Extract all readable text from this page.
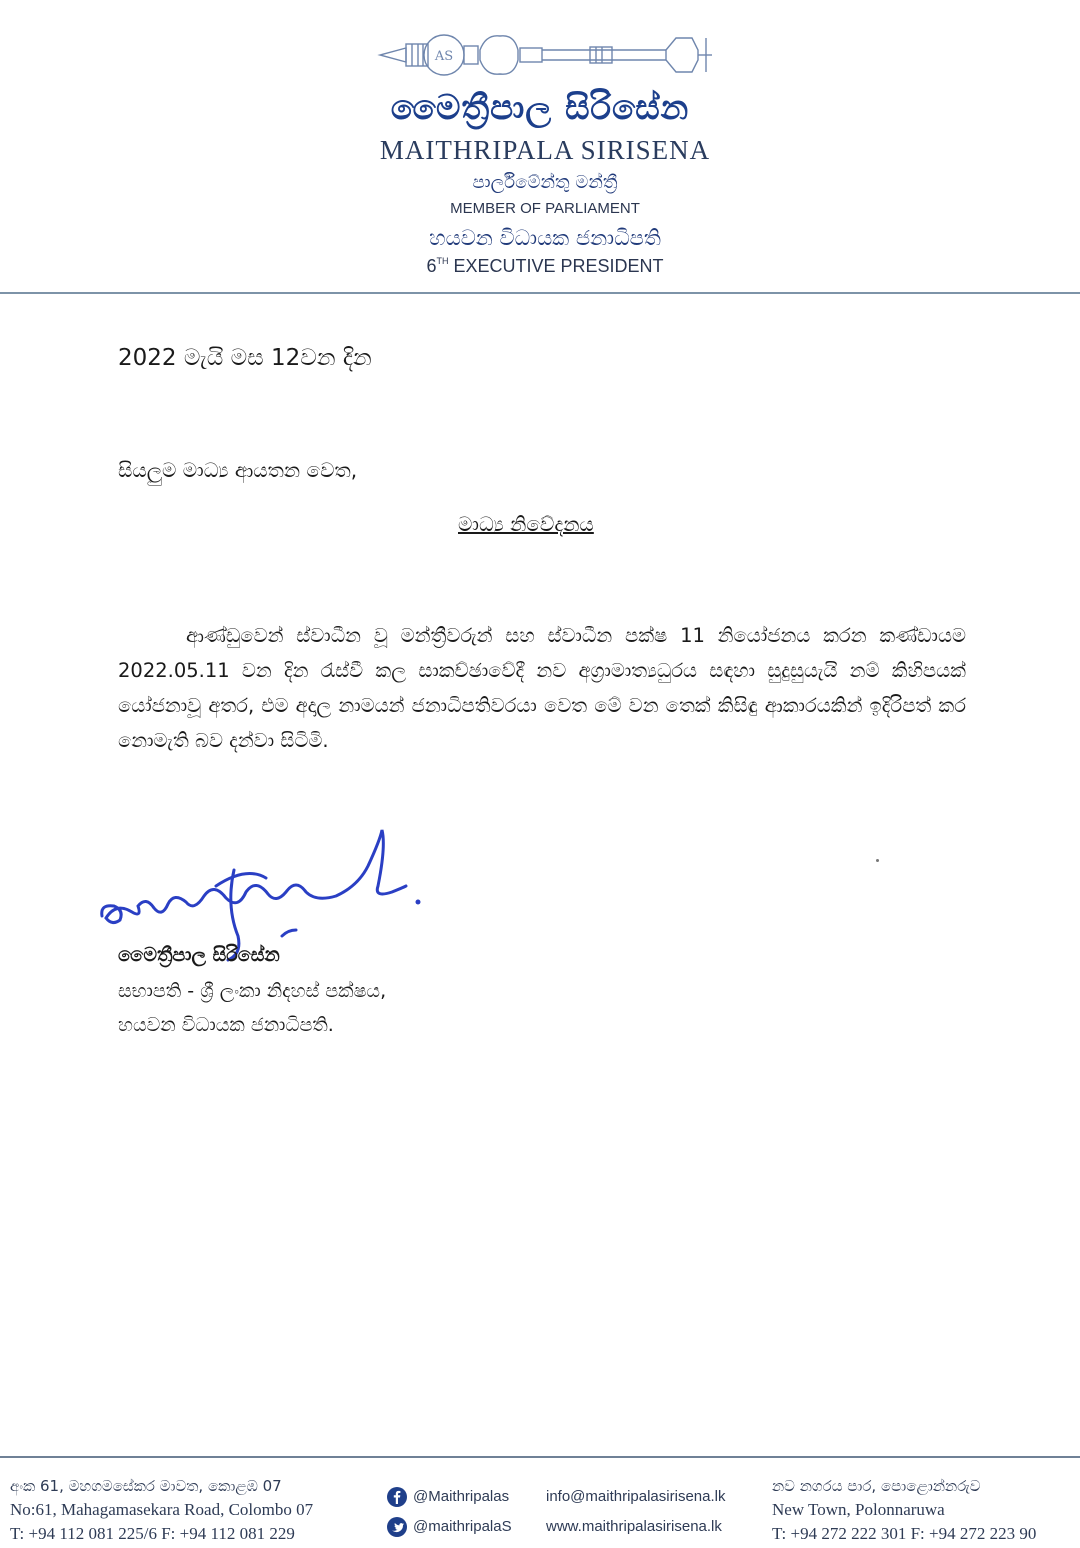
AS
මෛත්‍රීපාල සිරිසේන
MAITHRIPALA SIRISENA
පාර්ලිමේන්තු මන්ත්‍රී
MEMBER OF PARLIAMENT
හයවන විධායක ජනාධිපති
6TH EXECUTIVE PRESIDENT
2022 මැයි මස 12වන දින
සියලුම මාධ්‍ය ආයතන වෙත,
මාධ්‍ය නිවේදනය
ආණ්ඩුවෙන් ස්වාධීන වූ මන්ත්‍රීවරුන් සහ ස්වාධීන පක්ෂ 11 නියෝජනය කරන කණ්ඩායම 2022.05.11 වන දින රැස්වී කල සාකච්ඡාවේදී නව අග්‍රාමාත්‍යධුරය සඳහා සුදුසුයැයි නම් කිහිපයක් යෝජනාවූ අතර, එම අදාල නාමයන් ජනාධිපතිවරයා වෙත මේ වන තෙක් කිසිඳු ආකාරයකින් ඉදිරිපත් කර නොමැති බව දන්වා සිටිමි.
මෛත්‍රීපාල සිරිසේන
සභාපති - ශ්‍රී ලංකා නිදහස් පක්ෂය,
හයවන විධායක ජනාධිපති.
අංක 61, මහගමසේකර මාවත, කොළඹ 07
No:61, Mahagamasekara Road, Colombo 07
T: +94 112 081 225/6 F: +94 112 081 229
@Maithripalas
@maithripalaS
info@maithripalasirisena.lk
www.maithripalasirisena.lk
නව නගරය පාර, පොළොන්නරුව
New Town, Polonnaruwa
T: +94 272 222 301 F: +94 272 223 90
